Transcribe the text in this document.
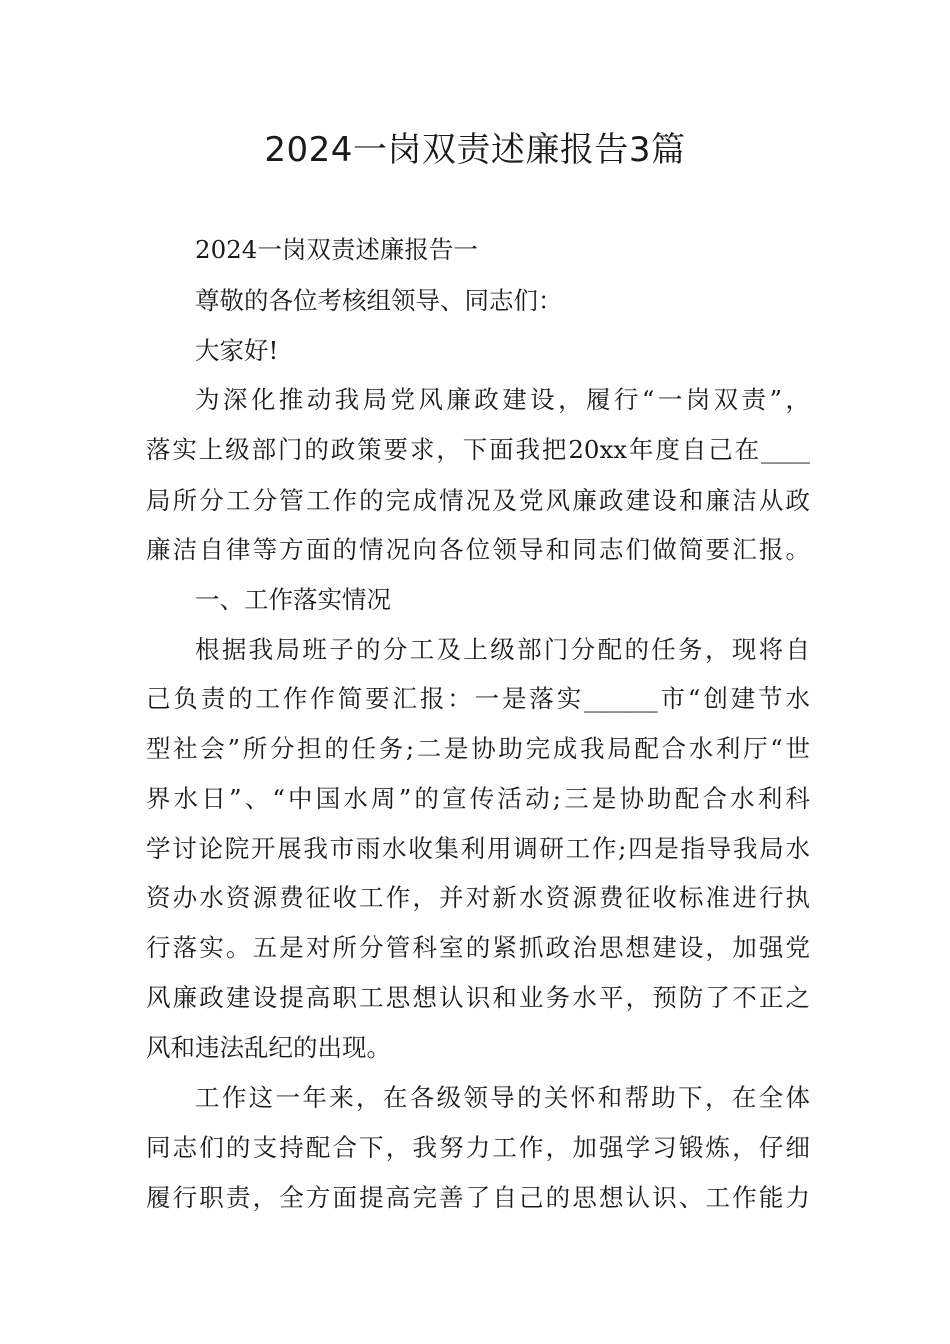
2024一岗双责述廉报告3篇

2024一岗双责述廉报告一

尊敬的各位考核组领导、同志们：

大家好!

为深化推动我局党风廉政建设，履行“一岗双责”，

落实上级部门的政策要求，下面我把20xx年度自己在____

局所分工分管工作的完成情况及党风廉政建设和廉洁从政

廉洁自律等方面的情况向各位领导和同志们做简要汇报。

一、工作落实情况

根据我局班子的分工及上级部门分配的任务，现将自

己负责的工作作简要汇报：一是落实______市“创建节水

型社会”所分担的任务;二是协助完成我局配合水利厅“世

界水日”、“中国水周”的宣传活动;三是协助配合水利科

学讨论院开展我市雨水收集利用调研工作;四是指导我局水

资办水资源费征收工作，并对新水资源费征收标准进行执

行落实。五是对所分管科室的紧抓政治思想建设，加强党

风廉政建设提高职工思想认识和业务水平，预防了不正之

风和违法乱纪的出现。

工作这一年来，在各级领导的关怀和帮助下，在全体

同志们的支持配合下，我努力工作，加强学习锻炼，仔细

履行职责，全方面提高完善了自己的思想认识、工作能力
